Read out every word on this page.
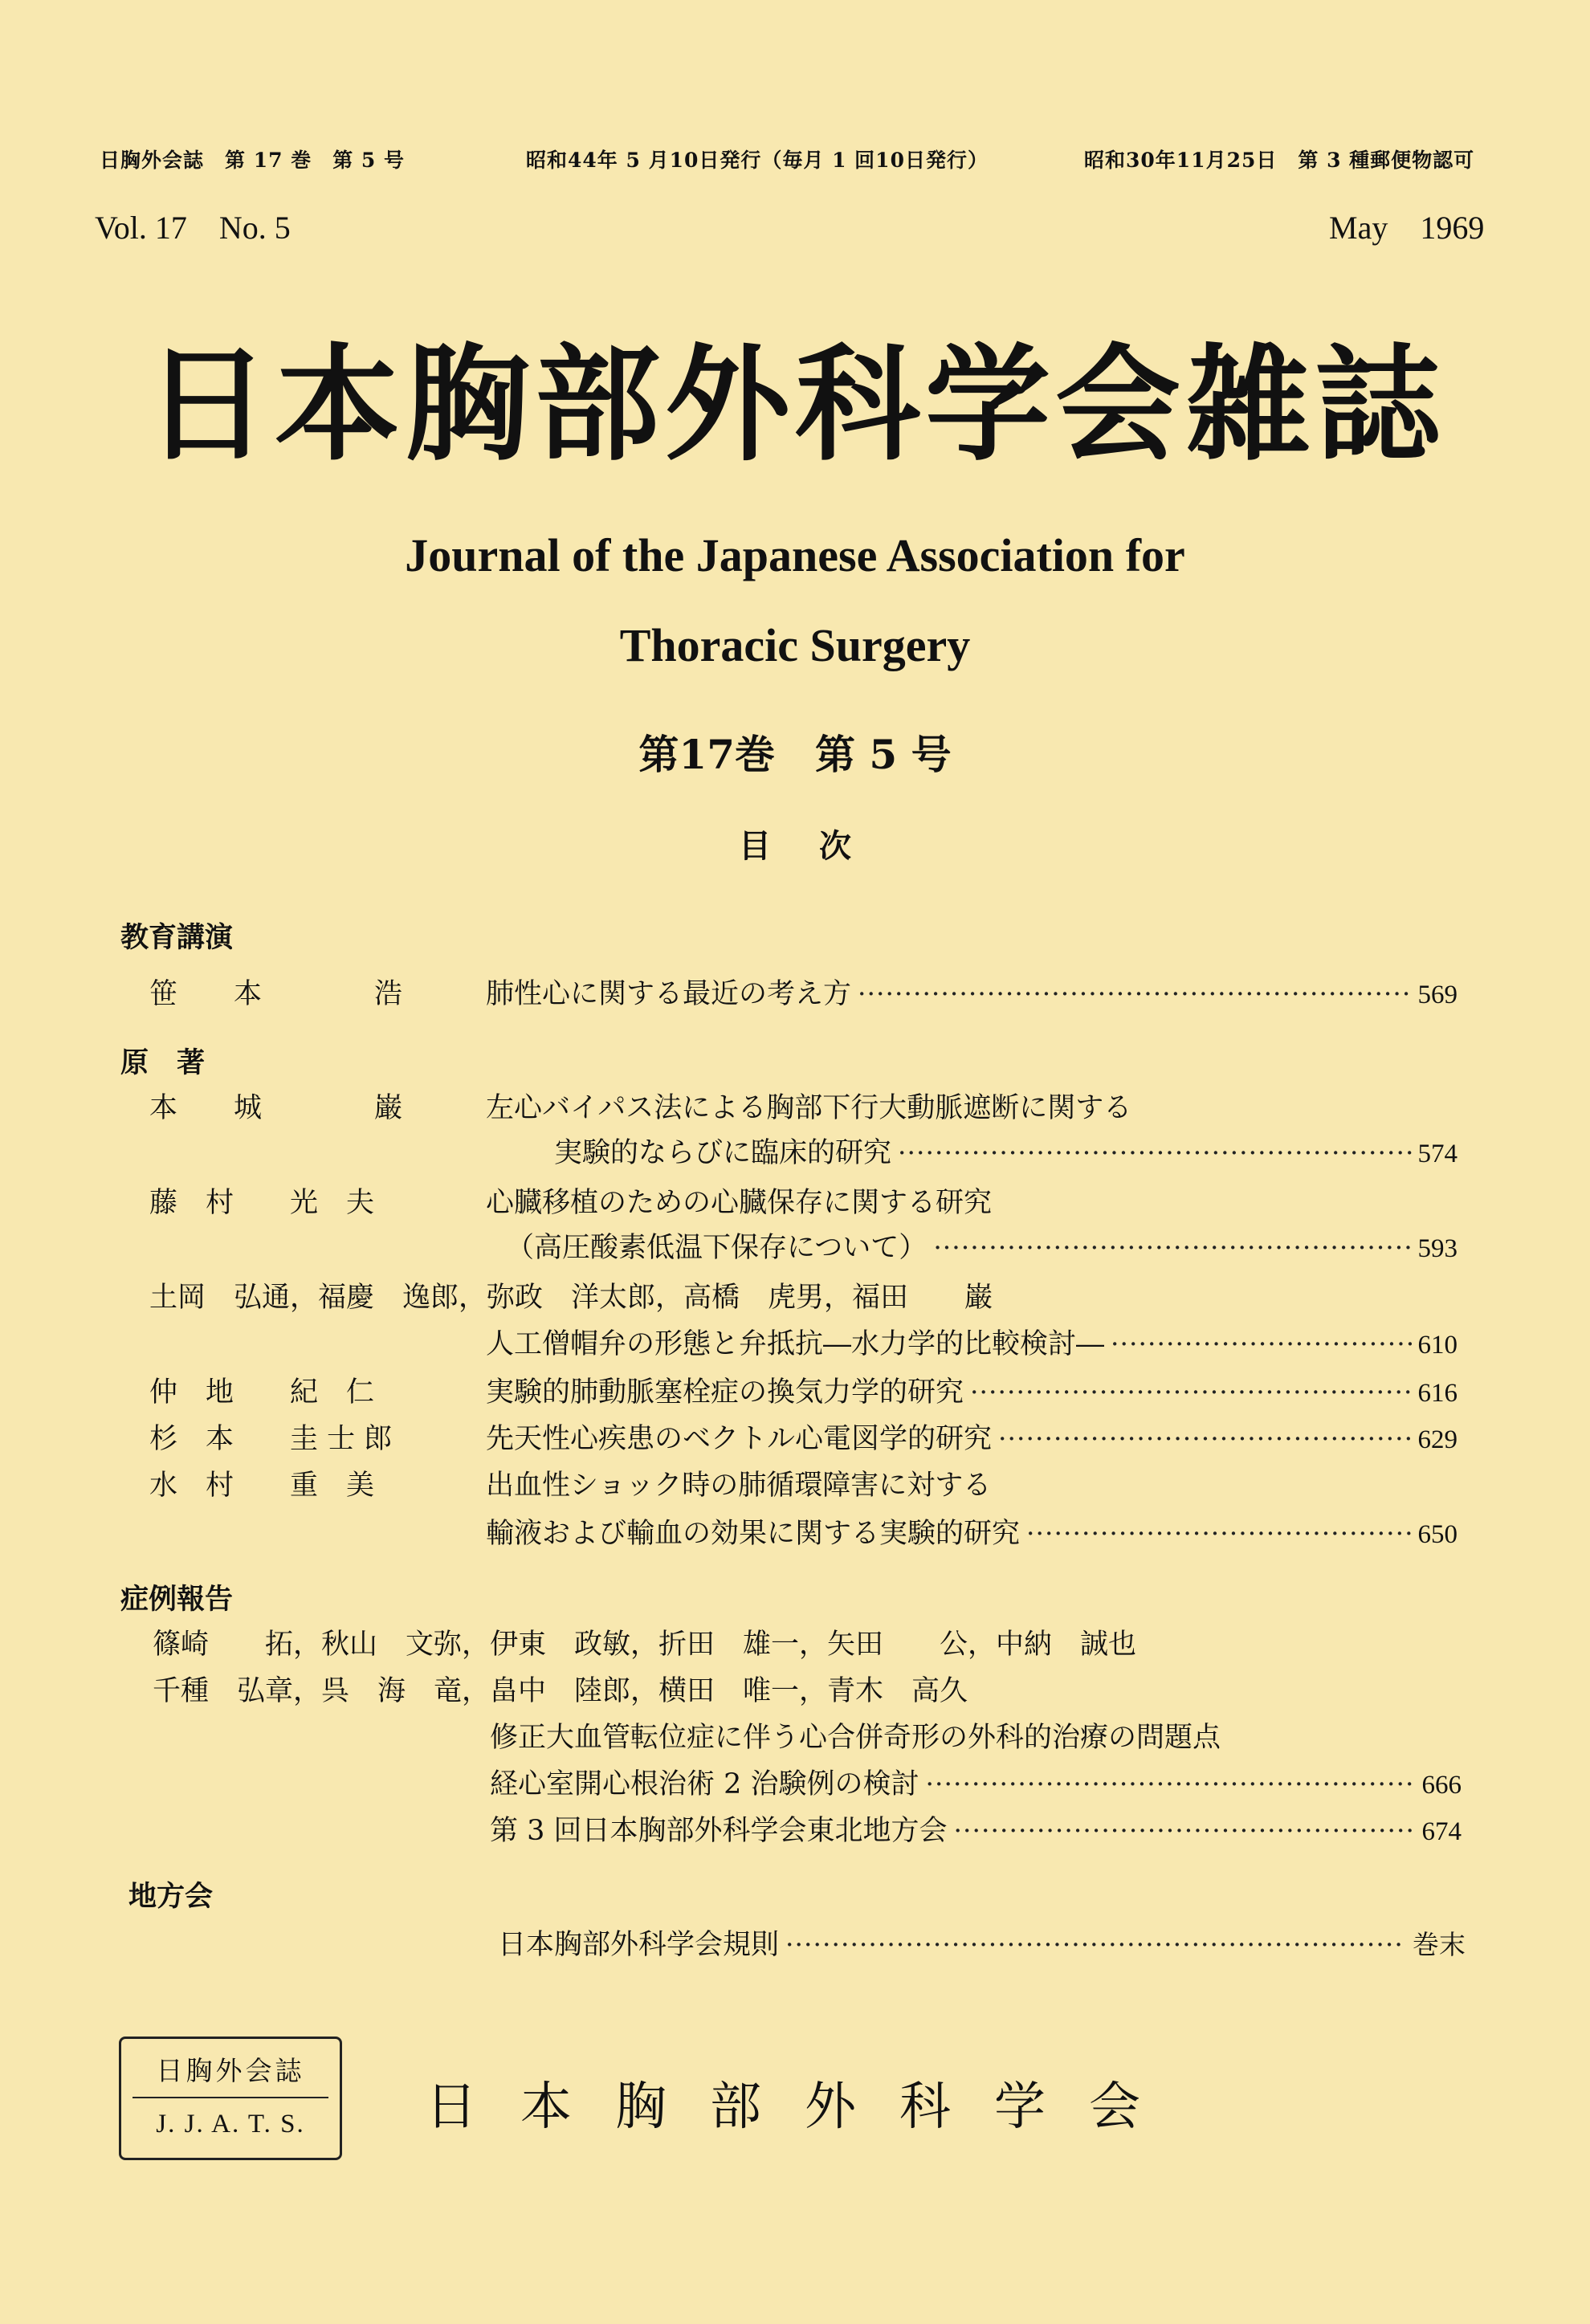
日胸外会誌　第 17 巻　第 5 号	昭和44年 5 月10日発行（毎月 1 回10日発行）	昭和30年11月25日　第 3 種郵便物認可
Vol. 17　No. 5	May　1969
日本胸部外科学会雑誌
Journal of the Japanese Association for
Thoracic Surgery
第17巻　第 5 号
目次
教育講演
笹　　本　　　　浩	肺性心に関する最近の考え方 ·····	569
原　著
本　　城　　　　巌	左心バイパス法による胸部下行大動脈遮断に関する
実験的ならびに臨床的研究 ·····	574
藤　村　　光　夫	心臓移植のための心臓保存に関する研究
（高圧酸素低温下保存について） ·····	593
土岡　弘通，福慶　逸郎，弥政　洋太郎，高橋　虎男，福田　　巌
人工僧帽弁の形態と弁抵抗―水力学的比較検討― ·····	610
仲　地　　紀　仁	実験的肺動脈塞栓症の換気力学的研究 ·····	616
杉　本　　圭 士 郎	先天性心疾患のベクトル心電図学的研究 ·····	629
水　村　　重　美	出血性ショック時の肺循環障害に対する
輸液および輸血の効果に関する実験的研究 ·····	650
症例報告
篠崎　　拓，秋山　文弥，伊東　政敏，折田　雄一，矢田　　公，中納　誠也
千種　弘章，呉　海　竜，畠中　陸郎，横田　唯一，青木　高久
修正大血管転位症に伴う心合併奇形の外科的治療の問題点
経心室開心根治術 2 治験例の検討 ·····	666
第 3 回日本胸部外科学会東北地方会 ·····	674
地方会
日本胸部外科学会規則 ·····	巻末
日胸外会誌
J. J. A. T. S.	日本胸部外科学会
